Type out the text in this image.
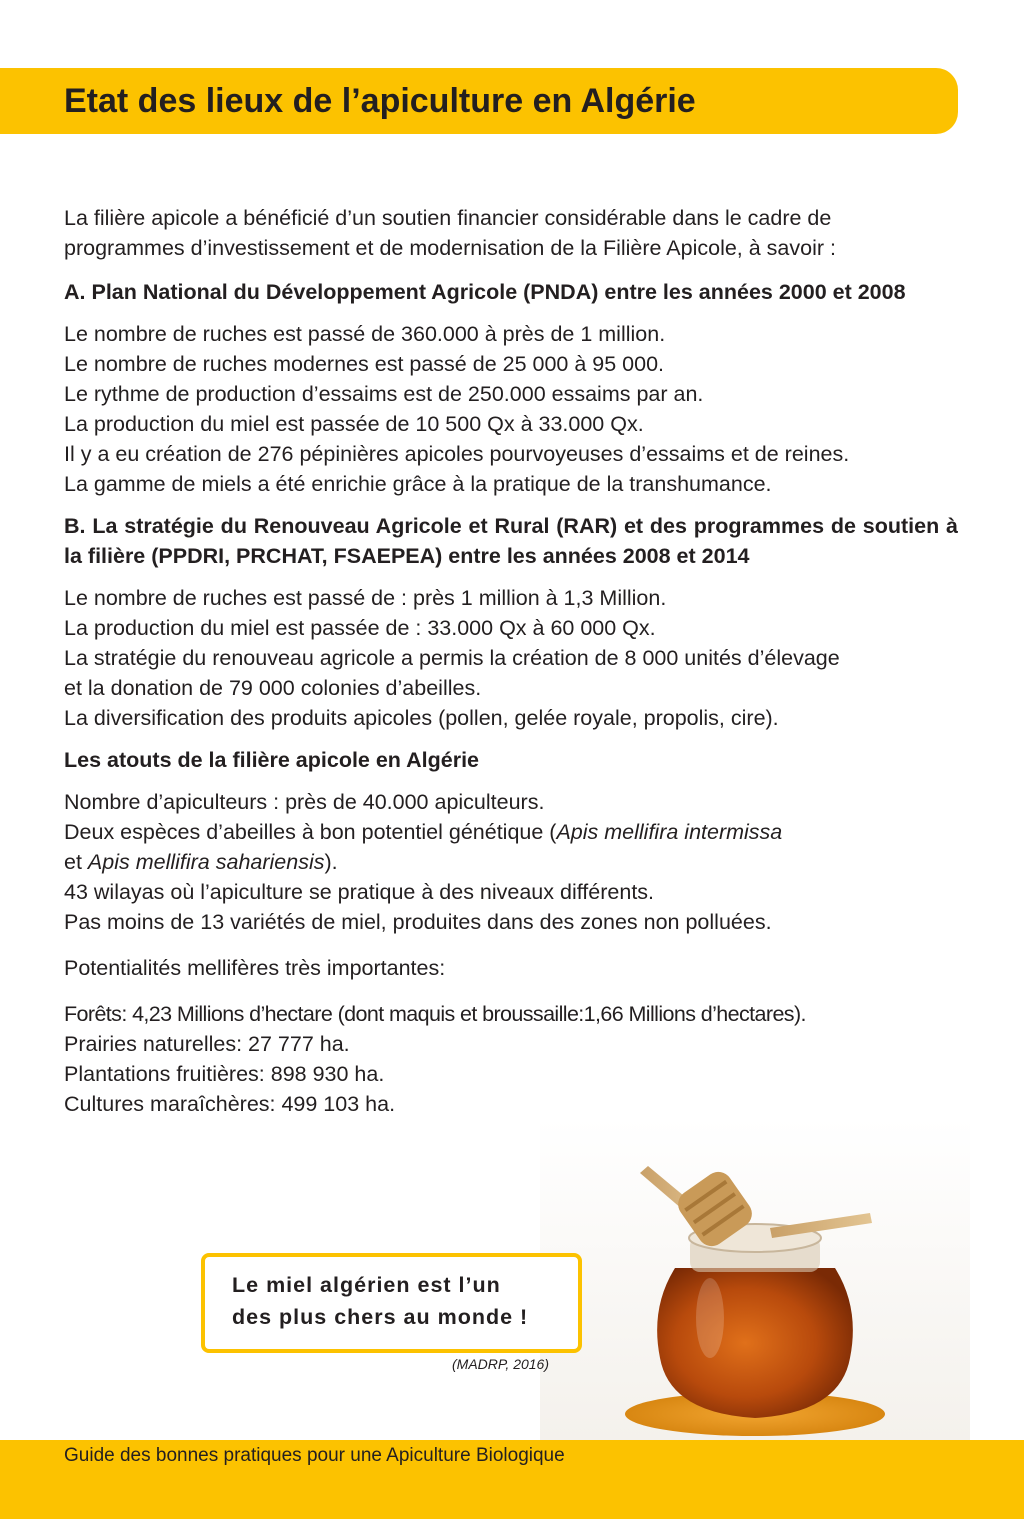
Etat des lieux de l’apiculture en Algérie

La filière apicole a bénéficié d’un soutien financier considérable dans le cadre de

programmes d’investissement et de modernisation de la Filière Apicole, à savoir :

A. Plan National du Développement Agricole (PNDA) entre les années 2000 et 2008

Le nombre de ruches est passé de 360.000 à près de 1 million.

Le nombre de ruches modernes est passé de 25 000 à 95 000.

Le rythme de production d’essaims est de 250.000 essaims par an.

La production du miel est passée de 10 500 Qx à 33.000 Qx.

Il y a eu création de 276 pépinières apicoles pourvoyeuses d’essaims et de reines.

La gamme de miels a été enrichie grâce à la pratique de la transhumance.

B. La stratégie du Renouveau Agricole et Rural (RAR) et des programmes de soutien à la filière (PPDRI, PRCHAT, FSAEPEA) entre les années 2008 et 2014

Le nombre de ruches est passé de : près 1 million à 1,3 Million.

La production du miel est passée de : 33.000 Qx à 60 000 Qx.

La stratégie du renouveau agricole a permis la création de 8 000 unités d’élevage

et la donation de 79 000 colonies d’abeilles.

La diversification des produits apicoles (pollen, gelée royale, propolis, cire).

Les atouts de la filière apicole en Algérie

Nombre d’apiculteurs : près de 40.000 apiculteurs.

Deux espèces d’abeilles à bon potentiel génétique (Apis mellifira intermissa

et Apis mellifira sahariensis).

43 wilayas où l’apiculture se pratique à des niveaux différents.

Pas moins de 13 variétés de miel, produites dans des zones non polluées.

Potentialités mellifères très importantes:

Forêts: 4,23 Millions d’hectare (dont maquis et broussaille:1,66 Millions d’hectares).

Prairies naturelles: 27 777 ha.

Plantations fruitières: 898 930 ha.

Cultures maraîchères: 499 103 ha.

Le miel algérien est l’un
des plus chers au monde !

(MADRP, 2016)
Guide des bonnes pratiques pour une Apiculture Biologique
